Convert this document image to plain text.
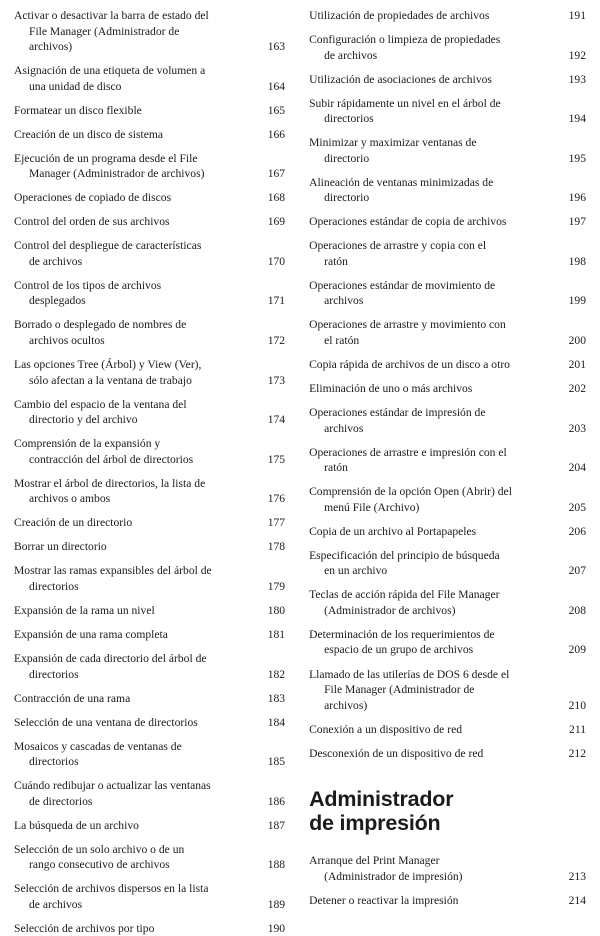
Activar o desactivar la barra de estado del
File Manager (Administrador de
archivos)	163
Asignación de una etiqueta de volumen a
una unidad de disco	164
Formatear un disco flexible	165
Creación de un disco de sistema	166
Ejecución de un programa desde el File
Manager (Administrador de archivos)	167
Operaciones de copiado de discos	168
Control del orden de sus archivos	169
Control del despliegue de características
de archivos	170
Control de los tipos de archivos
desplegados	171
Borrado o desplegado de nombres de
archivos ocultos	172
Las opciones Tree (Árbol) y View (Ver),
sólo afectan a la ventana de trabajo	173
Cambio del espacio de la ventana del
directorio y del archivo	174
Comprensión de la expansión y
contracción del árbol de directorios	175
Mostrar el árbol de directorios, la lista de
archivos o ambos	176
Creación de un directorio	177
Borrar un directorio	178
Mostrar las ramas expansibles del árbol de
directorios	179
Expansión de la rama un nivel	180
Expansión de una rama completa	181
Expansión de cada directorio del árbol de
directorios	182
Contracción de una rama	183
Selección de una ventana de directorios	184
Mosaicos y cascadas de ventanas de
directorios	185
Cuándo redibujar o actualizar las ventanas
de directorios	186
La búsqueda de un archivo	187
Selección de un solo archivo o de un
rango consecutivo de archivos	188
Selección de archivos dispersos en la lista
de archivos	189
Selección de archivos por tipo	190
Utilización de propiedades de archivos	191
Configuración o limpieza de propiedades
de archivos	192
Utilización de asociaciones de archivos	193
Subir rápidamente un nivel en el árbol de
directorios	194
Minimizar y maximizar ventanas de
directorio	195
Alineación de ventanas minimizadas de
directorio	196
Operaciones estándar de copia de archivos	197
Operaciones de arrastre y copia con el
ratón	198
Operaciones estándar de movimiento de
archivos	199
Operaciones de arrastre y movimiento con
el ratón	200
Copia rápida de archivos de un disco a otro	201
Eliminación de uno o más archivos	202
Operaciones estándar de impresión de
archivos	203
Operaciones de arrastre e impresión con el
ratón	204
Comprensión de la opción Open (Abrir) del
menú File (Archivo)	205
Copia de un archivo al Portapapeles	206
Especificación del principio de búsqueda
en un archivo	207
Teclas de acción rápida del File Manager
(Administrador de archivos)	208
Determinación de los requerimientos de
espacio de un grupo de archivos	209
Llamado de las utilerías de DOS 6 desde el
File Manager (Administrador de
archivos)	210
Conexión a un dispositivo de red	211
Desconexión de un dispositivo de red	212
Administrador
de impresión
Arranque del Print Manager
(Administrador de impresión)	213
Detener o reactivar la impresión	214
